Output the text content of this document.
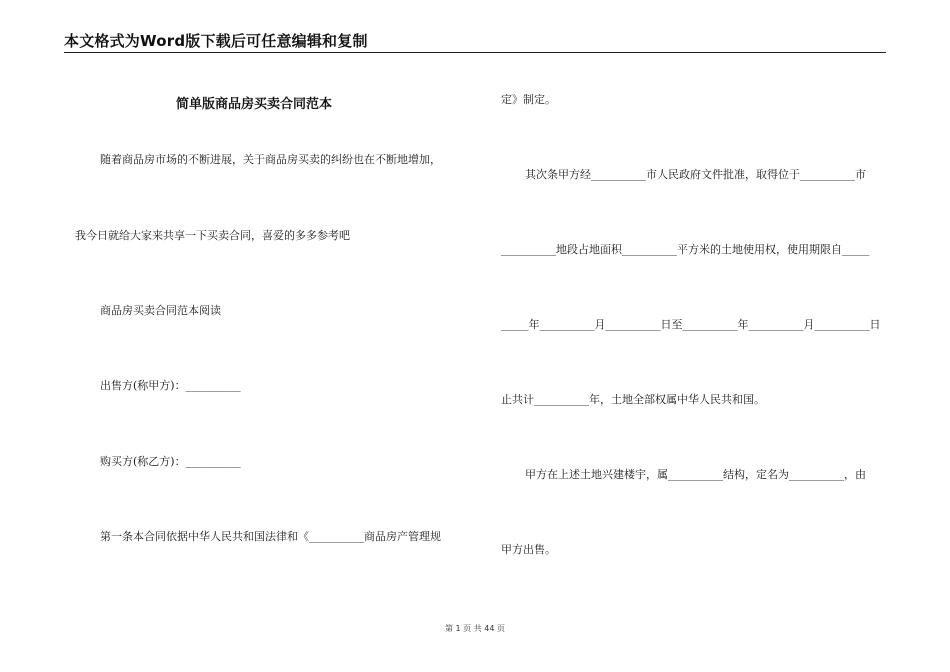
本文格式为Word版下载后可任意编辑和复制
简单版商品房买卖合同范本
随着商品房市场的不断进展，关于商品房买卖的纠纷也在不断地增加，
我今日就给大家来共享一下买卖合同，喜爱的多多参考吧
商品房买卖合同范本阅读
出售方(称甲方)：__________
购买方(称乙方)：__________
第一条本合同依据中华人民共和国法律和《__________商品房产管理规
定》制定。
其次条甲方经__________市人民政府文件批准，取得位于__________市
__________地段占地面积__________平方米的土地使用权，使用期限自_____
_____年__________月__________日至__________年__________月__________日
止共计__________年，土地全部权属中华人民共和国。
甲方在上述土地兴建楼宇，属__________结构，定名为__________，由
甲方出售。
第 1 页 共 44 页
